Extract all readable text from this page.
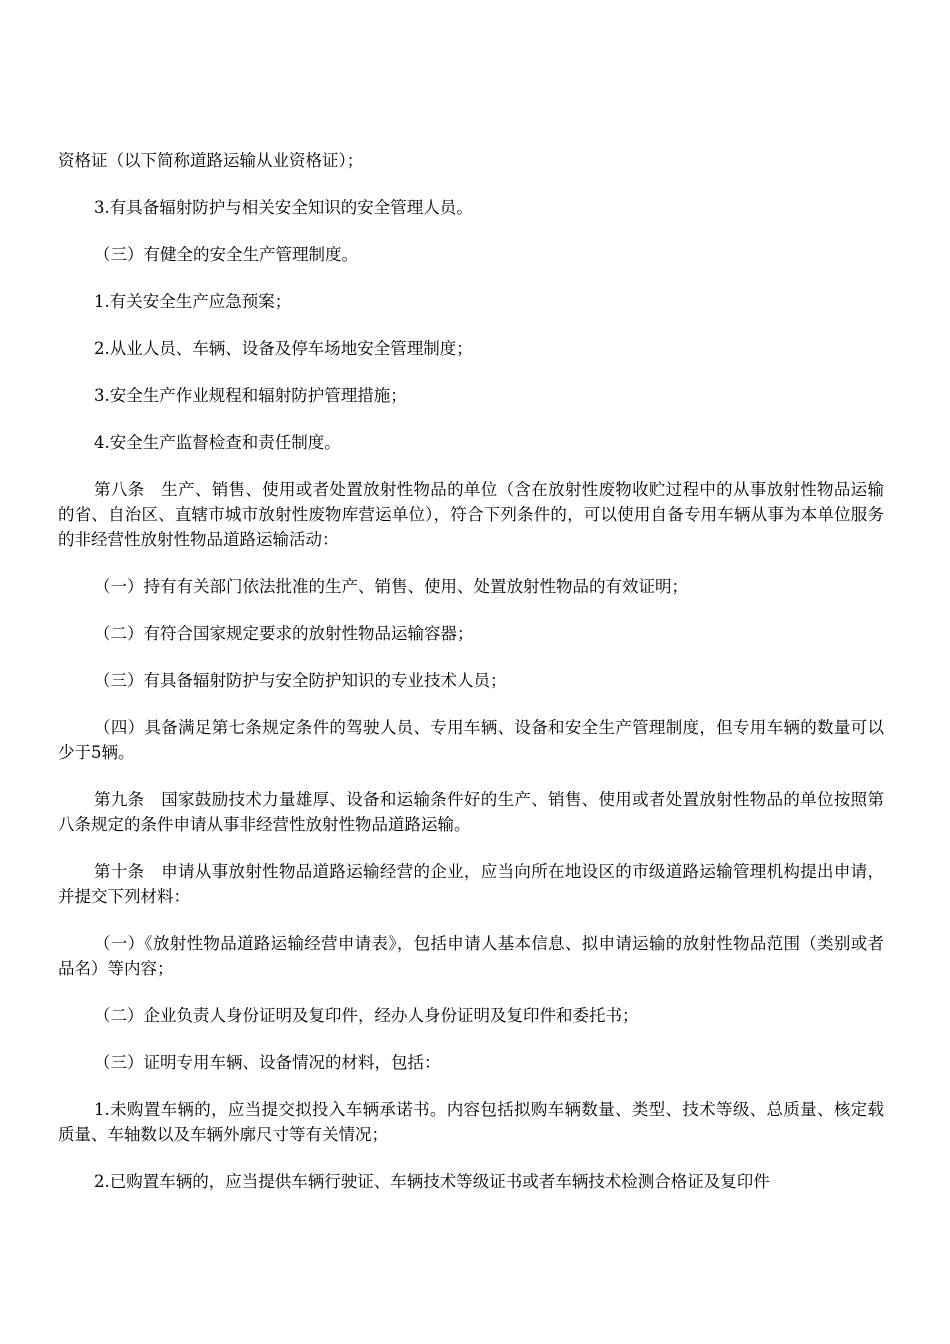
资格证（以下简称道路运输从业资格证）；

3.有具备辐射防护与相关安全知识的安全管理人员。

（三）有健全的安全生产管理制度。

1.有关安全生产应急预案；

2.从业人员、车辆、设备及停车场地安全管理制度；

3.安全生产作业规程和辐射防护管理措施；

4.安全生产监督检查和责任制度。

第八条　生产、销售、使用或者处置放射性物品的单位（含在放射性废物收贮过程中的从事放射性物品运输的省、自治区、直辖市城市放射性废物库营运单位），符合下列条件的，可以使用自备专用车辆从事为本单位服务的非经营性放射性物品道路运输活动：

（一）持有有关部门依法批准的生产、销售、使用、处置放射性物品的有效证明；

（二）有符合国家规定要求的放射性物品运输容器；

（三）有具备辐射防护与安全防护知识的专业技术人员；

（四）具备满足第七条规定条件的驾驶人员、专用车辆、设备和安全生产管理制度，但专用车辆的数量可以少于5辆。

第九条　国家鼓励技术力量雄厚、设备和运输条件好的生产、销售、使用或者处置放射性物品的单位按照第八条规定的条件申请从事非经营性放射性物品道路运输。

第十条　申请从事放射性物品道路运输经营的企业，应当向所在地设区的市级道路运输管理机构提出申请，并提交下列材料：

（一）《放射性物品道路运输经营申请表》，包括申请人基本信息、拟申请运输的放射性物品范围（类别或者品名）等内容；

（二）企业负责人身份证明及复印件，经办人身份证明及复印件和委托书；

（三）证明专用车辆、设备情况的材料，包括：

1.未购置车辆的，应当提交拟投入车辆承诺书。内容包括拟购车辆数量、类型、技术等级、总质量、核定载质量、车轴数以及车辆外廓尺寸等有关情况；

2.已购置车辆的，应当提供车辆行驶证、车辆技术等级证书或者车辆技术检测合格证及复印件
